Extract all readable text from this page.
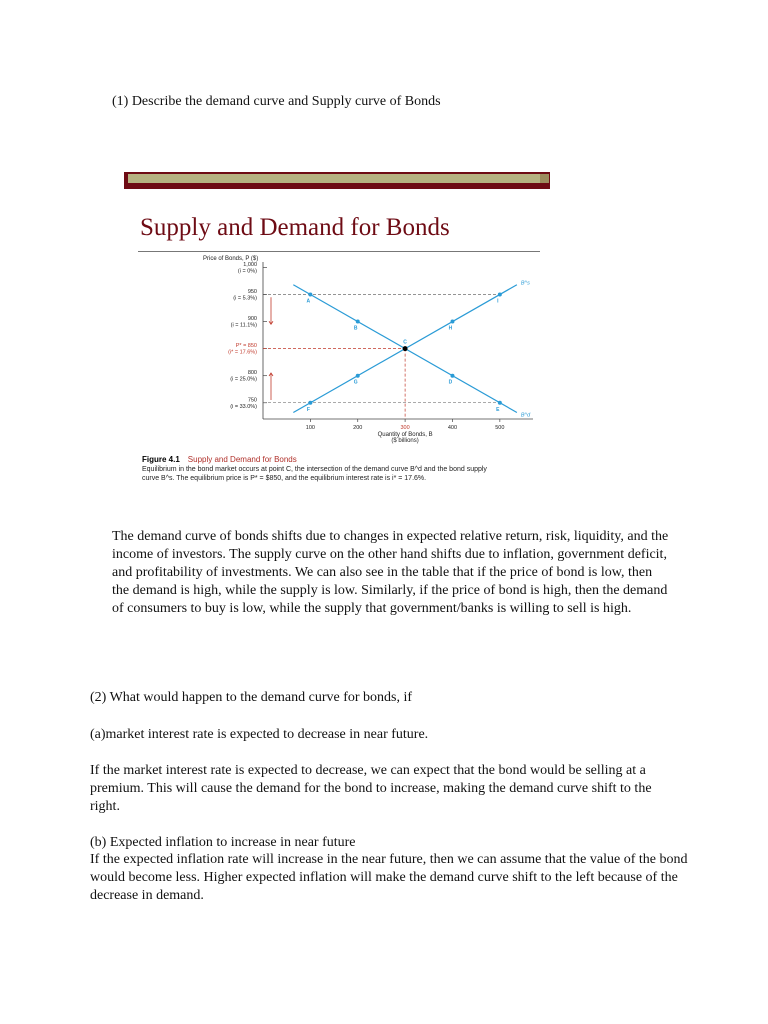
(1) Describe the demand curve and Supply curve of Bonds
Supply and Demand for Bonds
Price of Bonds, P ($)
1,000
(i = 0%)
950
(i = 5.3%)
900
(i = 11.1%)
P* = 850
(i* = 17.6%)
800
(i = 25.0%)
750
(i = 33.0%)
100	200	300	400	500
Quantity of Bonds, B
($ billions)
B^d
A
B
C
D
E
B^s
F
G
H
I
Figure 4.1 Supply and Demand for Bonds
Equilibrium in the bond market occurs at point C, the intersection of the demand curve B^d and the bond supply curve B^s. The equilibrium price is P* = $850, and the equilibrium interest rate is i* = 17.6%.
The demand curve of bonds shifts due to changes in expected relative return, risk, liquidity, and the income of investors. The supply curve on the other hand shifts due to inflation, government deficit, and profitability of investments. We can also see in the table that if the price of bond is low, then the demand is high, while the supply is low. Similarly, if the price of bond is high, then the demand of consumers to buy is low, while the supply that government/banks is willing to sell is high.
(2) What would happen to the demand curve for bonds, if
(a)market interest rate is expected to decrease in near future.
If the market interest rate is expected to decrease, we can expect that the bond would be selling at a premium. This will cause the demand for the bond to increase, making the demand curve shift to the right.
(b) Expected inflation to increase in near future
If the expected inflation rate will increase in the near future, then we can assume that the value of the bond would become less. Higher expected inflation will make the demand curve shift to the left because of the decrease in demand.
